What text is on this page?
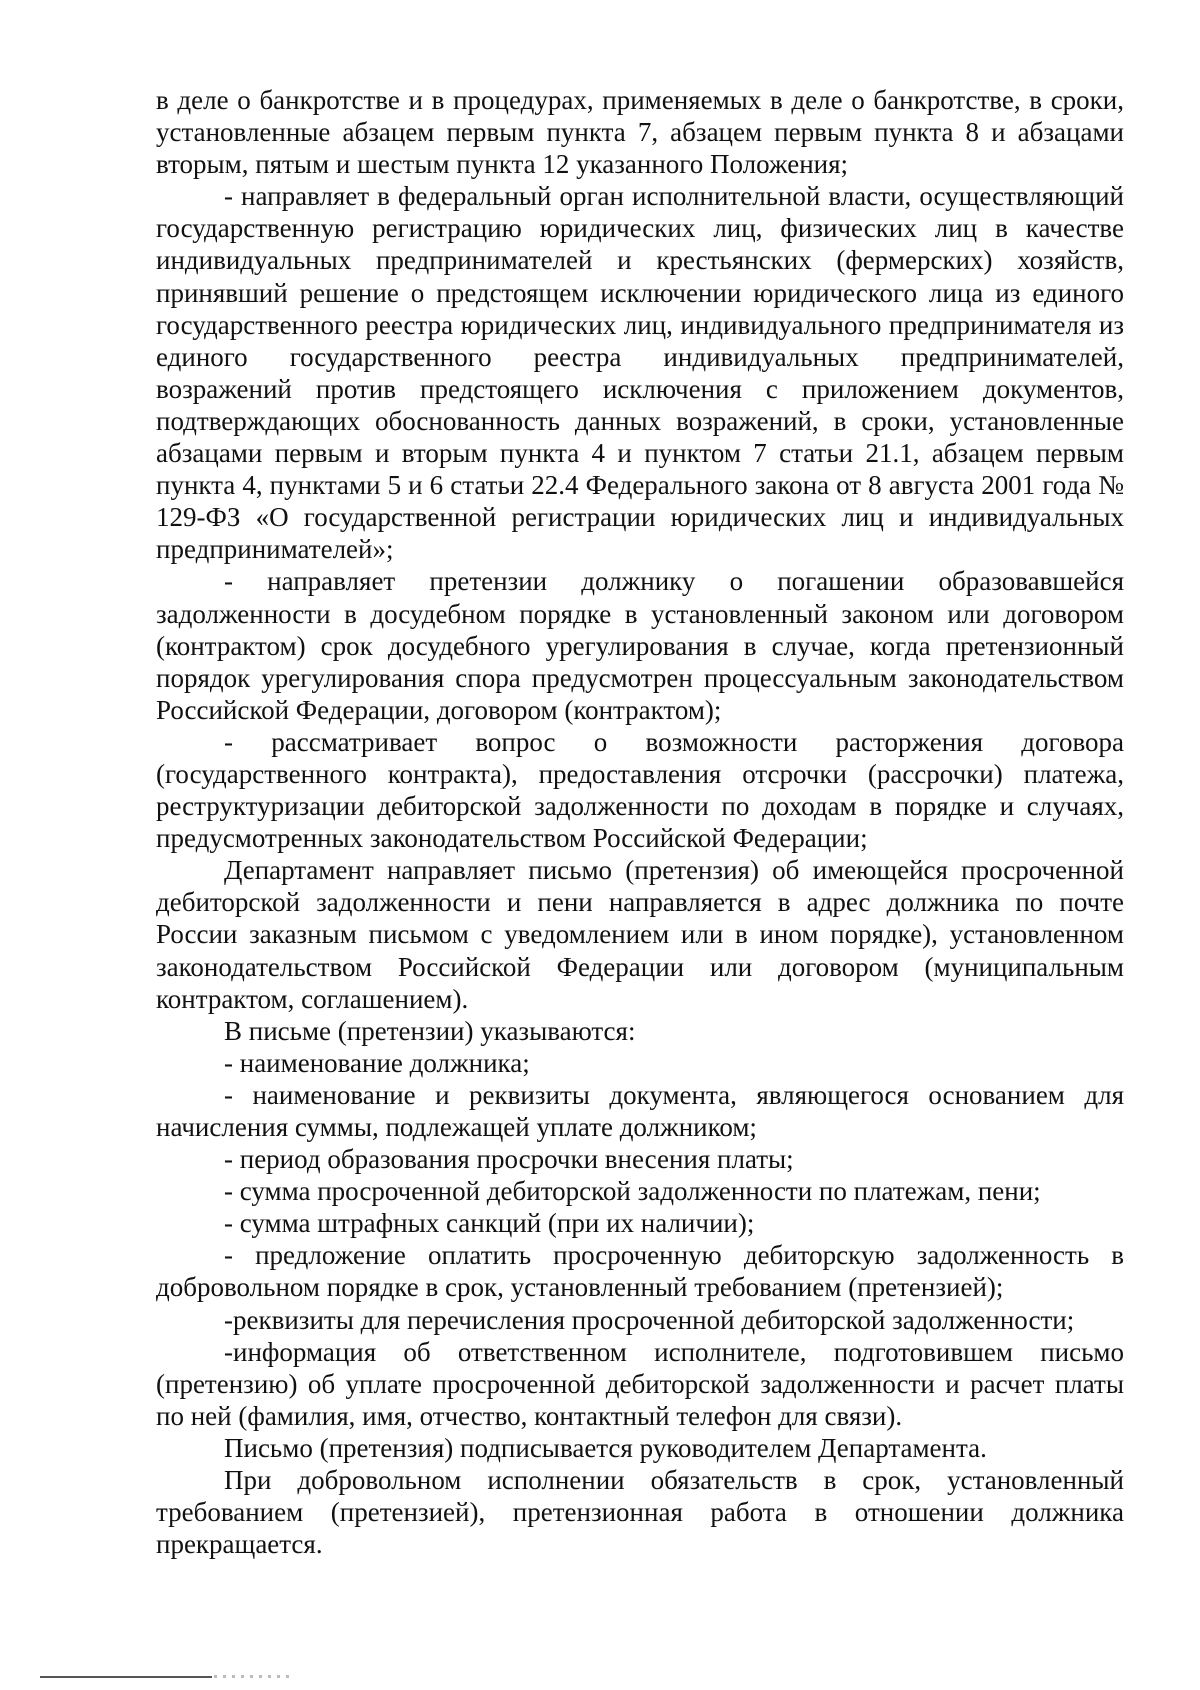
в деле о банкротстве и в процедурах, применяемых в деле о банкротстве, в сроки, установленные абзацем первым пункта 7, абзацем первым пункта 8 и абзацами вторым, пятым и шестым пункта 12 указанного Положения;

- направляет в федеральный орган исполнительной власти, осуществляющий государственную регистрацию юридических лиц, физических лиц в качестве индивидуальных предпринимателей и крестьянских (фермерских) хозяйств, принявший решение о предстоящем исключении юридического лица из единого государственного реестра юридических лиц, индивидуального предпринимателя из единого государственного реестра индивидуальных предпринимателей, возражений против предстоящего исключения с приложением документов, подтверждающих обоснованность данных возражений, в сроки, установленные абзацами первым и вторым пункта 4 и пунктом 7 статьи 21.1, абзацем первым пункта 4, пунктами 5 и 6 статьи 22.4 Федерального закона от 8 августа 2001 года № 129-ФЗ «О государственной регистрации юридических лиц и индивидуальных предпринимателей»;

- направляет претензии должнику о погашении образовавшейся задолженности в досудебном порядке в установленный законом или договором (контрактом) срок досудебного урегулирования в случае, когда претензионный порядок урегулирования спора предусмотрен процессуальным законодательством Российской Федерации, договором (контрактом);

- рассматривает вопрос о возможности расторжения договора (государственного контракта), предоставления отсрочки (рассрочки) платежа, реструктуризации дебиторской задолженности по доходам в порядке и случаях, предусмотренных законодательством Российской Федерации;

Департамент направляет письмо (претензия) об имеющейся просроченной дебиторской задолженности и пени направляется в адрес должника по почте России заказным письмом с уведомлением или в ином порядке), установленном законодательством Российской Федерации или договором (муниципальным контрактом, соглашением).

В письме (претензии) указываются:

- наименование должника;

- наименование и реквизиты документа, являющегося основанием для начисления суммы, подлежащей уплате должником;

- период образования просрочки внесения платы;

- сумма просроченной дебиторской задолженности по платежам, пени;

- сумма штрафных санкций (при их наличии);

- предложение оплатить просроченную дебиторскую задолженность в добровольном порядке в срок, установленный требованием (претензией);

-реквизиты для перечисления просроченной дебиторской задолженности;

-информация об ответственном исполнителе, подготовившем письмо (претензию) об уплате просроченной дебиторской задолженности и расчет платы по ней (фамилия, имя, отчество, контактный телефон для связи).

Письмо (претензия) подписывается руководителем Департамента.

При добровольном исполнении обязательств в срок, установленный требованием (претензией), претензионная работа в отношении должника прекращается.
